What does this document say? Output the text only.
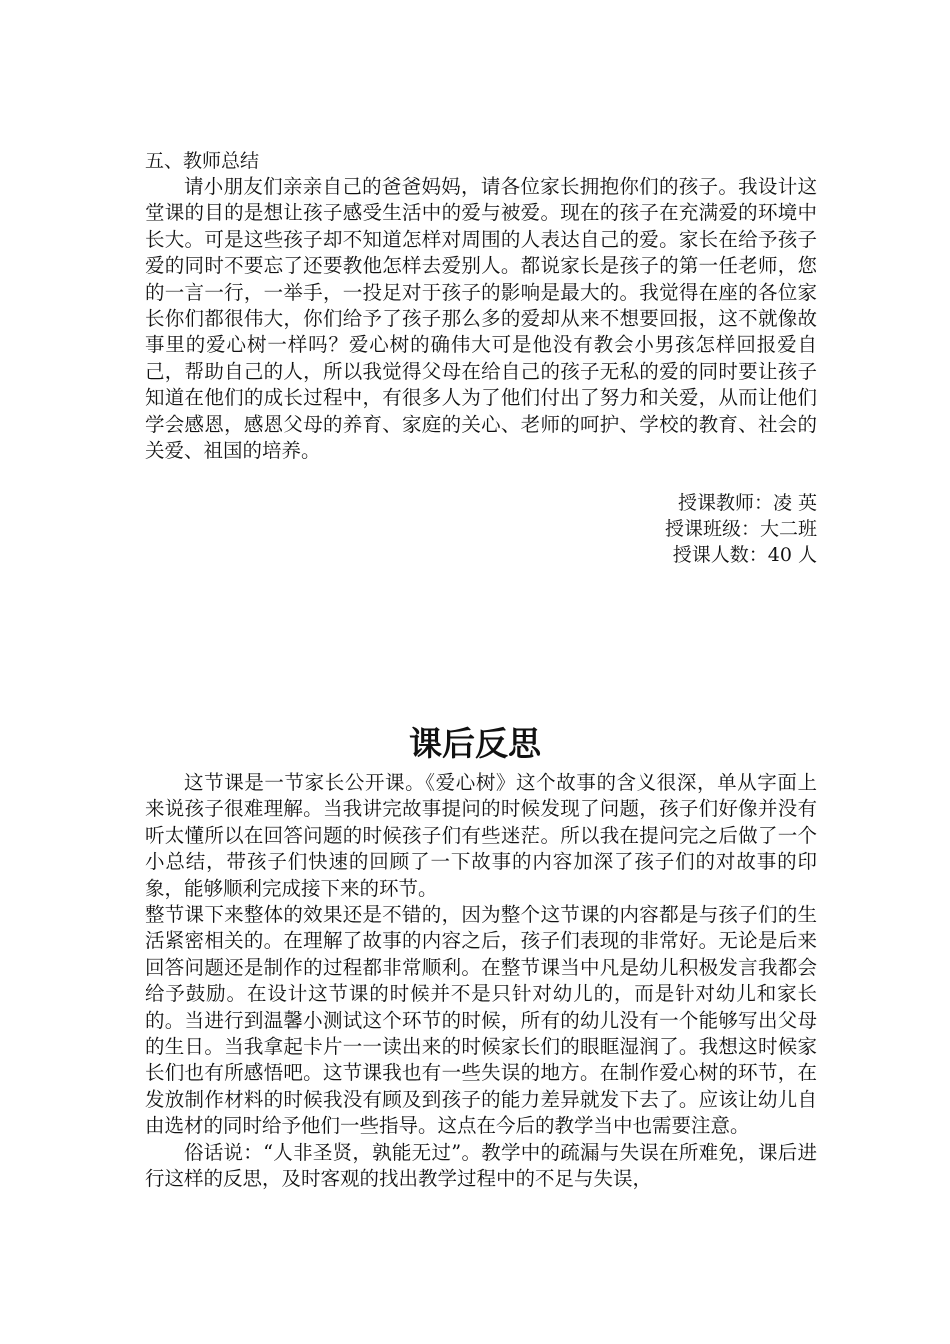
五、教师总结

请小朋友们亲亲自己的爸爸妈妈，请各位家长拥抱你们的孩子。我设计这堂课的目的是想让孩子感受生活中的爱与被爱。现在的孩子在充满爱的环境中长大。可是这些孩子却不知道怎样对周围的人表达自己的爱。家长在给予孩子爱的同时不要忘了还要教他怎样去爱别人。都说家长是孩子的第一任老师，您的一言一行，一举手，一投足对于孩子的影响是最大的。我觉得在座的各位家长你们都很伟大，你们给予了孩子那么多的爱却从来不想要回报，这不就像故事里的爱心树一样吗？爱心树的确伟大可是他没有教会小男孩怎样回报爱自己，帮助自己的人，所以我觉得父母在给自己的孩子无私的爱的同时要让孩子知道在他们的成长过程中，有很多人为了他们付出了努力和关爱，从而让他们学会感恩，感恩父母的养育、家庭的关心、老师的呵护、学校的教育、社会的关爱、祖国的培养。

授课教师：凌 英
授课班级：大二班
授课人数：40 人
课后反思

这节课是一节家长公开课。《爱心树》这个故事的含义很深，单从字面上来说孩子很难理解。当我讲完故事提问的时候发现了问题，孩子们好像并没有听太懂所以在回答问题的时候孩子们有些迷茫。所以我在提问完之后做了一个小总结，带孩子们快速的回顾了一下故事的内容加深了孩子们的对故事的印象，能够顺利完成接下来的环节。

整节课下来整体的效果还是不错的，因为整个这节课的内容都是与孩子们的生活紧密相关的。在理解了故事的内容之后，孩子们表现的非常好。无论是后来回答问题还是制作的过程都非常顺利。在整节课当中凡是幼儿积极发言我都会给予鼓励。在设计这节课的时候并不是只针对幼儿的，而是针对幼儿和家长的。当进行到温馨小测试这个环节的时候，所有的幼儿没有一个能够写出父母的生日。当我拿起卡片一一读出来的时候家长们的眼眶湿润了。我想这时候家长们也有所感悟吧。这节课我也有一些失误的地方。在制作爱心树的环节，在发放制作材料的时候我没有顾及到孩子的能力差异就发下去了。应该让幼儿自由选材的同时给予他们一些指导。这点在今后的教学当中也需要注意。

俗话说：“人非圣贤，孰能无过”。教学中的疏漏与失误在所难免，课后进行这样的反思，及时客观的找出教学过程中的不足与失误，
